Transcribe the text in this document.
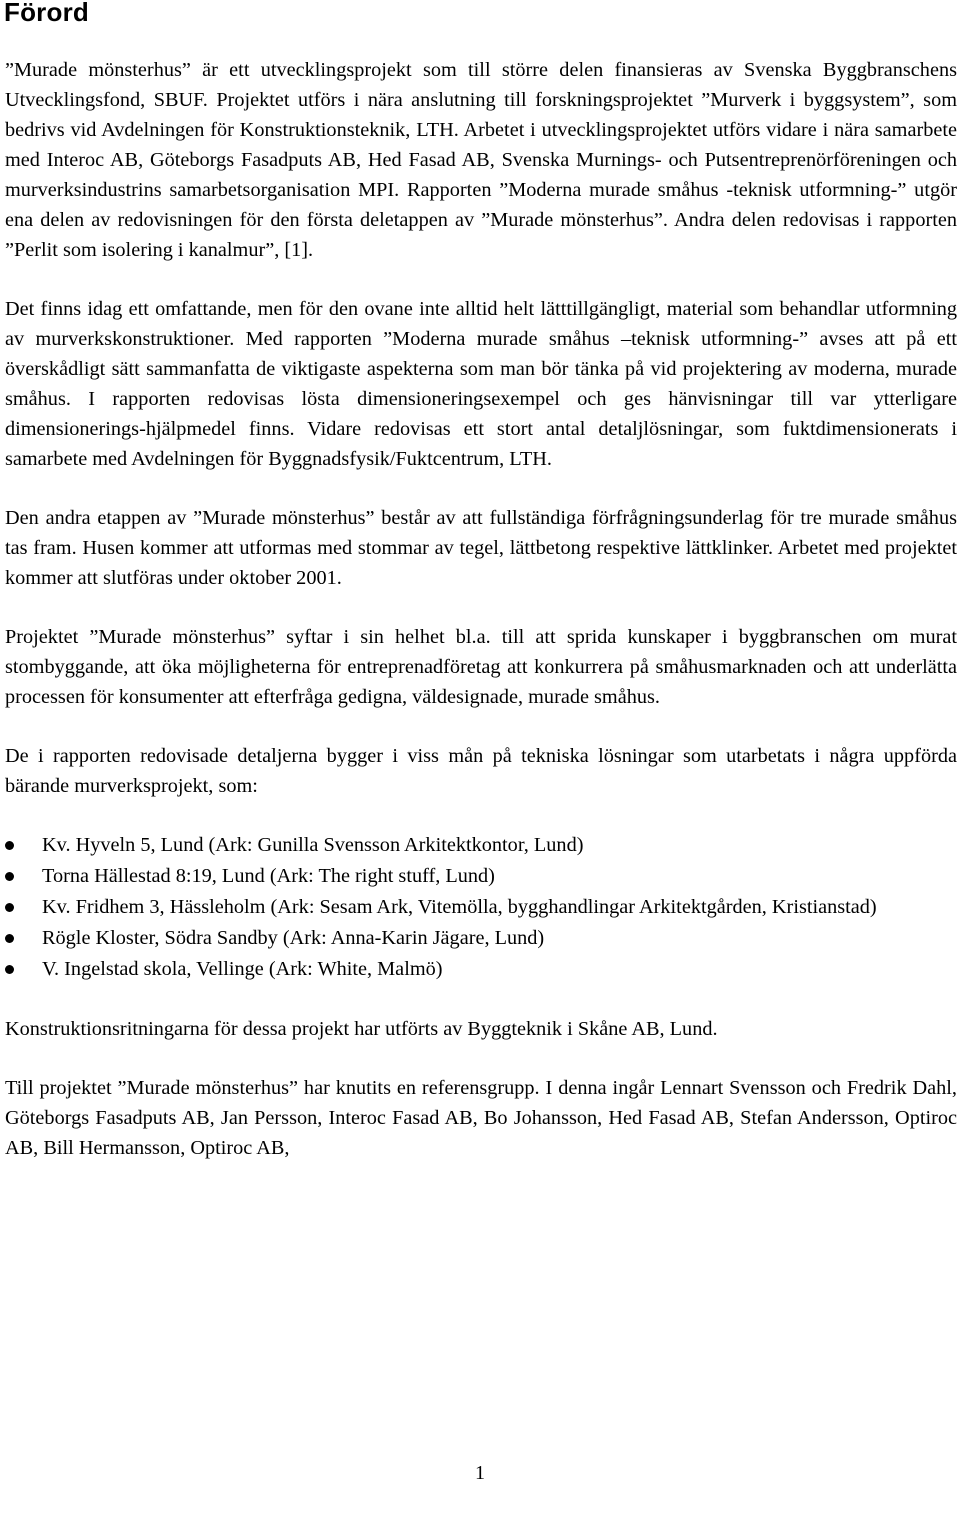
Förord

”Murade mönsterhus” är ett utvecklingsprojekt som till större delen finansieras av Svenska Byggbranschens Utvecklingsfond, SBUF. Projektet utförs i nära anslutning till forskningsprojektet ”Murverk i byggsystem”, som bedrivs vid Avdelningen för Konstruktionsteknik, LTH. Arbetet i utvecklingsprojektet utförs vidare i nära samarbete med Interoc AB, Göteborgs Fasadputs AB, Hed Fasad AB, Svenska Murnings- och Putsentreprenörföreningen och murverksindustrins samarbetsorganisation MPI. Rapporten ”Moderna murade småhus -teknisk utformning-” utgör ena delen av redovisningen för den första deletappen av ”Murade mönsterhus”. Andra delen redovisas i rapporten ”Perlit som isolering i kanalmur”, [1].

Det finns idag ett omfattande, men för den ovane inte alltid helt lätttillgängligt, material som behandlar utformning av murverkskonstruktioner. Med rapporten ”Moderna murade småhus –teknisk utformning-” avses att på ett överskådligt sätt sammanfatta de viktigaste aspekterna som man bör tänka på vid projektering av moderna, murade småhus. I rapporten redovisas lösta dimensioneringsexempel och ges hänvisningar till var ytterligare dimensionerings-hjälpmedel finns. Vidare redovisas ett stort antal detaljlösningar, som fuktdimensionerats i samarbete med Avdelningen för Byggnadsfysik/Fuktcentrum, LTH.

Den andra etappen av ”Murade mönsterhus” består av att fullständiga förfrågningsunderlag för tre murade småhus tas fram. Husen kommer att utformas med stommar av tegel, lättbetong respektive lättklinker. Arbetet med projektet kommer att slutföras under oktober 2001.

Projektet ”Murade mönsterhus” syftar i sin helhet bl.a. till att sprida kunskaper i byggbranschen om murat stombyggande, att öka möjligheterna för entreprenadföretag att konkurrera på småhusmarknaden och att underlätta processen för konsumenter att efterfråga gedigna, väldesignade, murade småhus.

De i rapporten redovisade detaljerna bygger i viss mån på tekniska lösningar som utarbetats i några uppförda bärande murverksprojekt, som:

Kv. Hyveln 5, Lund (Ark: Gunilla Svensson Arkitektkontor, Lund)
Torna Hällestad 8:19, Lund (Ark: The right stuff, Lund)
Kv. Fridhem 3, Hässleholm (Ark: Sesam Ark, Vitemölla, bygghandlingar Arkitektgården, Kristianstad)
Rögle Kloster, Södra Sandby (Ark: Anna-Karin Jägare, Lund)
V. Ingelstad skola, Vellinge (Ark: White, Malmö)

Konstruktionsritningarna för dessa projekt har utförts av Byggteknik i Skåne AB, Lund.

Till projektet ”Murade mönsterhus” har knutits en referensgrupp. I denna ingår Lennart Svensson och Fredrik Dahl, Göteborgs Fasadputs AB, Jan Persson, Interoc Fasad AB, Bo Johansson, Hed Fasad AB, Stefan Andersson, Optiroc AB, Bill Hermansson, Optiroc AB,

1
